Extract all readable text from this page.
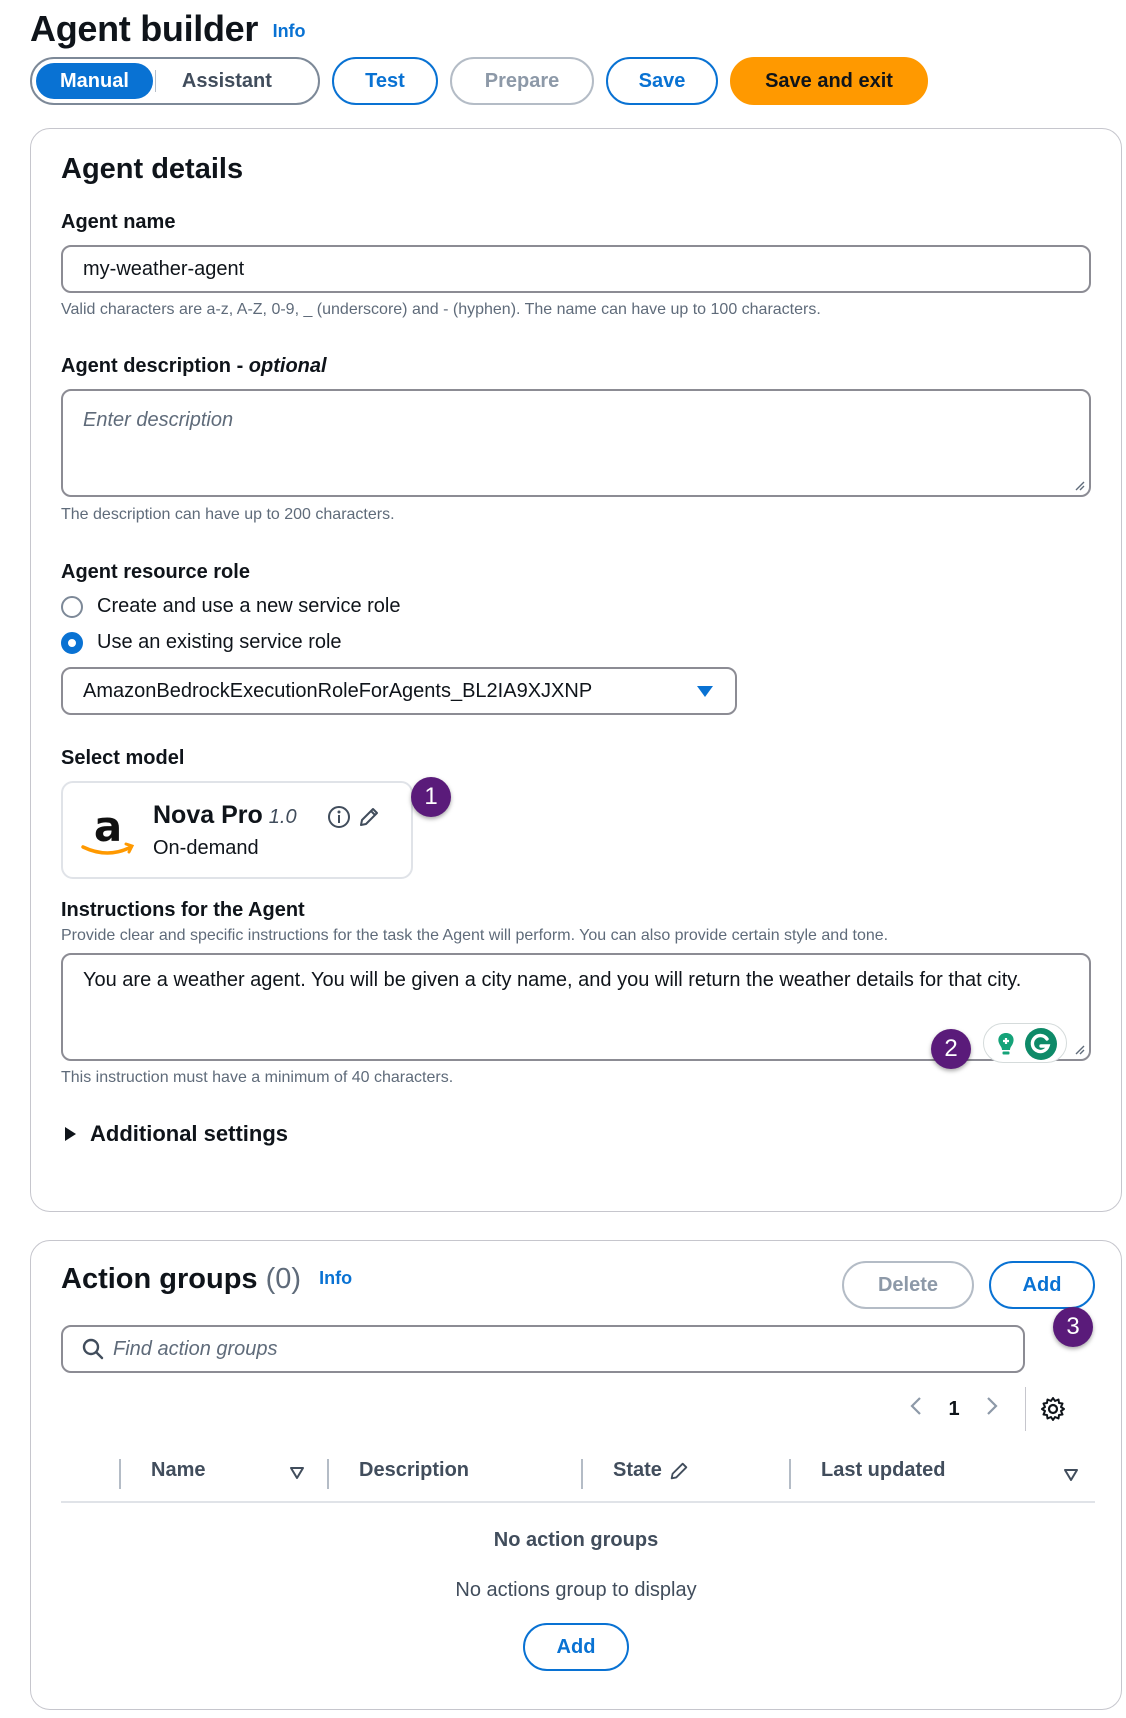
Agent builder Info
Manual	Assistant	Test	Prepare	Save	Save and exit
Agent details
Agent name
my-weather-agent
Valid characters are a-z, A-Z, 0-9, _ (underscore) and - (hyphen). The name can have up to 100 characters.
Agent description - optional
Enter description
The description can have up to 200 characters.
Agent resource role
Create and use a new service role
Use an existing service role
AmazonBedrockExecutionRoleForAgents_BL2IA9XJXNP
Select model
a Nova Pro 1.0
On-demand
1
Instructions for the Agent
Provide clear and specific instructions for the task the Agent will perform. You can also provide certain style and tone.
You are a weather agent. You will be given a city name, and you will return the weather details for that city.
2
This instruction must have a minimum of 40 characters.
Additional settings
Action groups (0) Info	Delete	Add
3
Find action groups
1
Name	Description	State	Last updated
No action groups
No actions group to display
Add
